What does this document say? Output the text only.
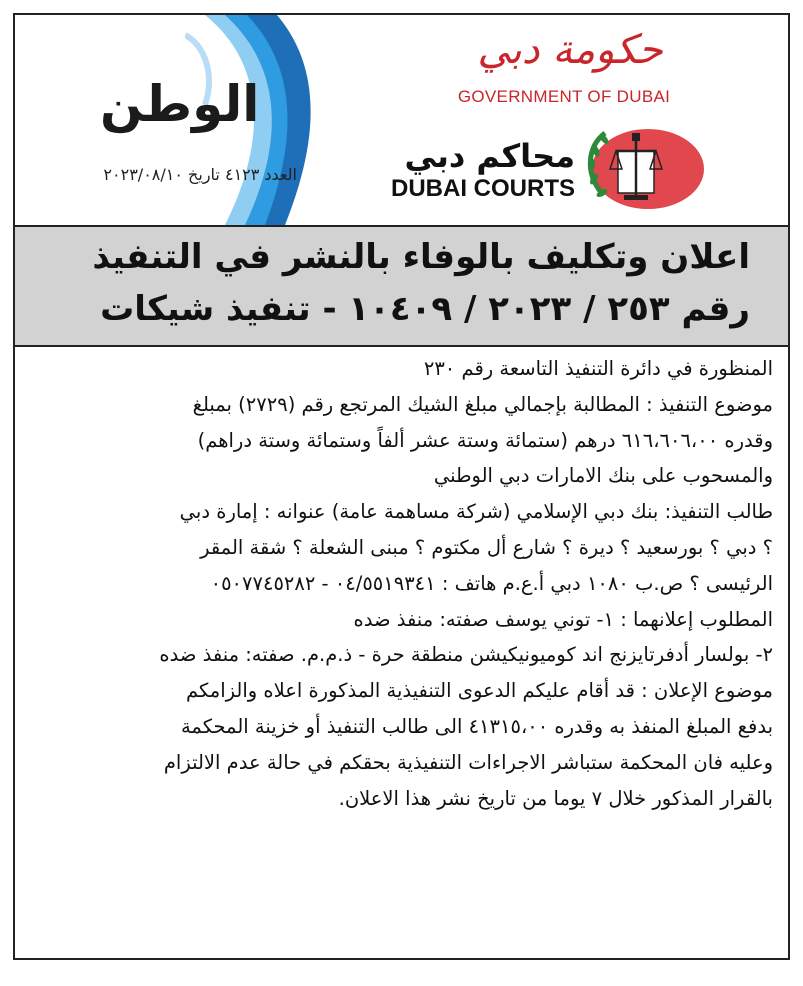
الوطن
العدد ٤١٢٣ تاريخ ٢٠٢٣/٠٨/١٠
حكومة دبي
GOVERNMENT OF DUBAI
محاكم دبي
DUBAI COURTS
اعلان وتكليف بالوفاء بالنشر في التنفيذ
رقم ٢٥٣ / ٢٠٢٣ / ١٠٤٠٩ - تنفيذ شيكات
المنظورة في دائرة التنفيذ التاسعة رقم ٢٣٠
موضوع التنفيذ : المطالبة بإجمالي مبلغ الشيك المرتجع رقم (٢٧٢٩) بمبلغ
وقدره ٦١٦،٦٠٦،٠٠ درهم (ستمائة وستة عشر ألفاً وستمائة وستة دراهم)
والمسحوب على بنك الامارات دبي الوطني
طالب التنفيذ: بنك دبي الإسلامي (شركة مساهمة عامة) عنوانه : إمارة دبي
؟ دبي ؟ بورسعيد ؟ ديرة ؟ شارع أل مكتوم ؟ مبنى الشعلة ؟ شقة المقر
الرئيسى ؟ ص.ب ١٠٨٠ دبي أ.ع.م هاتف : ٠٤/٥٥١٩٣٤١ - ٠٥٠٧٧٤٥٢٨٢
المطلوب إعلانهما : ١- توني يوسف صفته: منفذ ضده
٢- بولسار أدفرتايزنج اند كوميونيكيشن منطقة حرة - ذ.م.م. صفته: منفذ ضده
موضوع الإعلان : قد أقام عليكم الدعوى التنفيذية المذكورة اعلاه والزامكم
بدفع المبلغ المنفذ به وقدره ٤١٣١٥،٠٠ الى طالب التنفيذ أو خزينة المحكمة
وعليه فان المحكمة ستباشر الاجراءات التنفيذية بحقكم في حالة عدم الالتزام
بالقرار المذكور خلال ٧ يوما من تاريخ نشر هذا الاعلان.
